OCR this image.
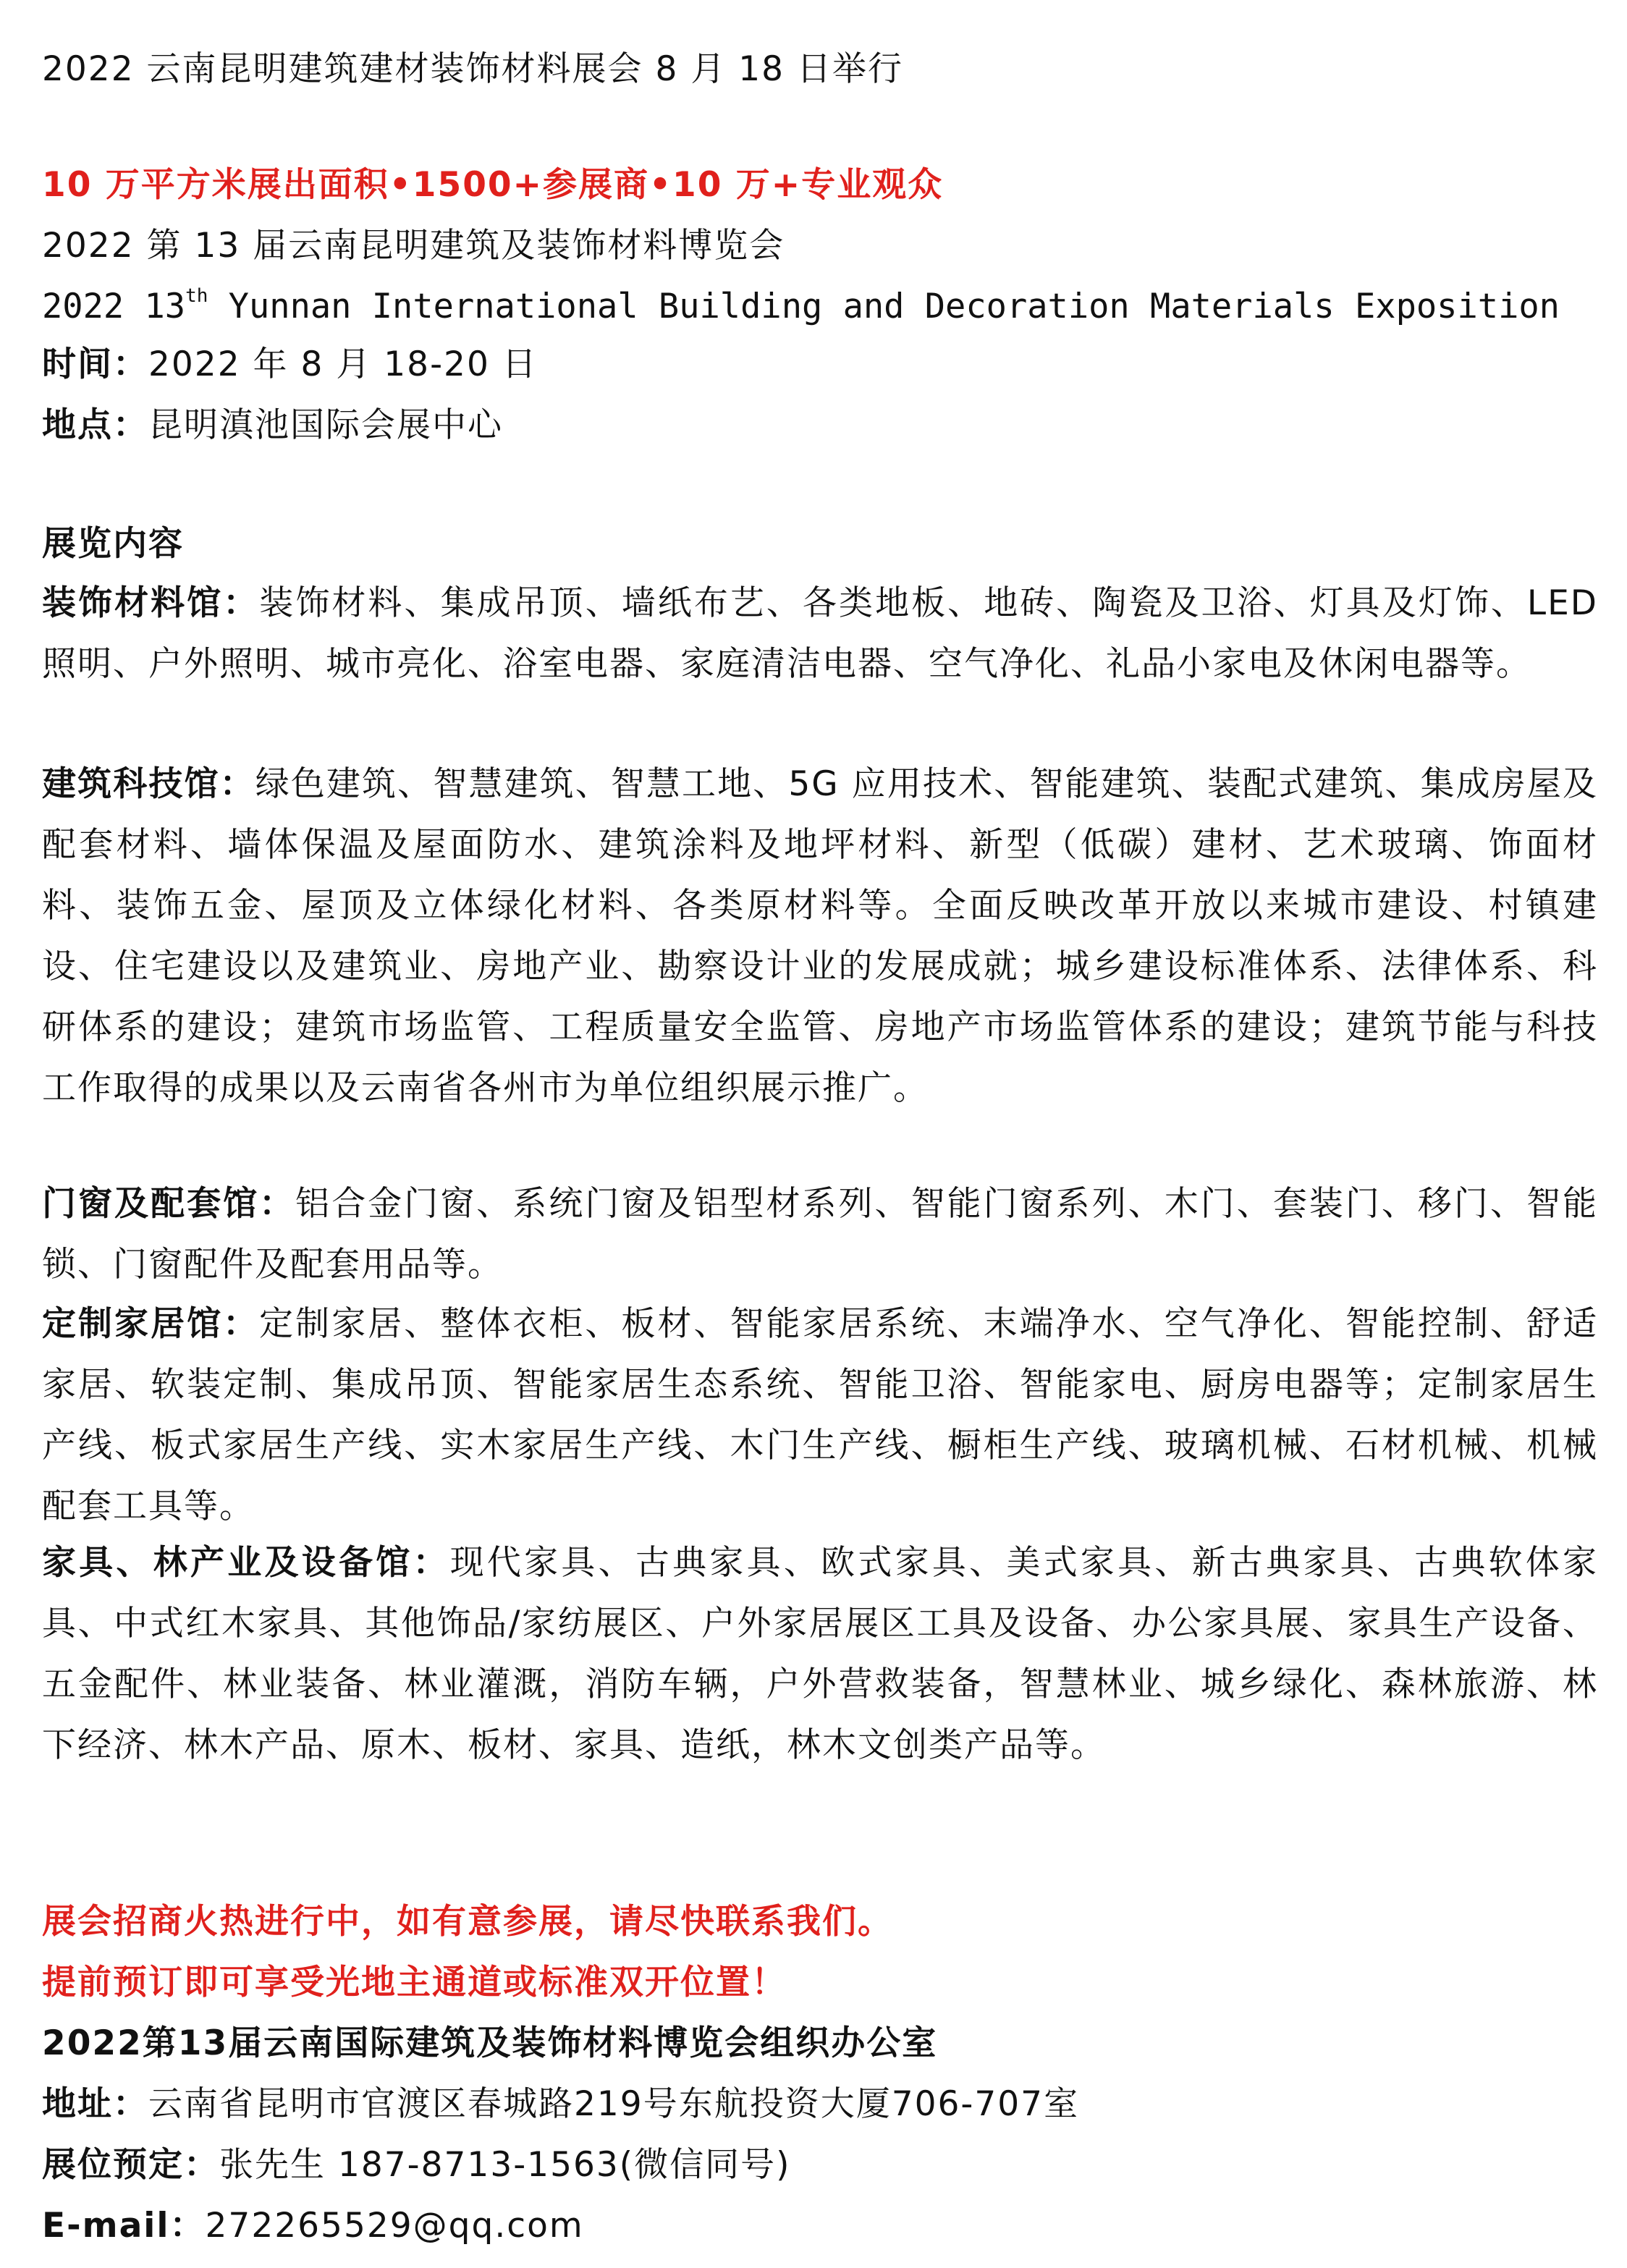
2022 云南昆明建筑建材装饰材料展会 8 月 18 日举行
10 万平方米展出面积•1500+参展商•10 万+专业观众
2022 第 13 届云南昆明建筑及装饰材料博览会
2022 13th Yunnan International Building and Decoration Materials Exposition
时间：2022 年 8 月 18-20 日
地点：昆明滇池国际会展中心
展览内容
装饰材料馆：装饰材料、集成吊顶、墙纸布艺、各类地板、地砖、陶瓷及卫浴、灯具及灯饰、LED 照明、户外照明、城市亮化、浴室电器、家庭清洁电器、空气净化、礼品小家电及休闲电器等。
建筑科技馆：绿色建筑、智慧建筑、智慧工地、5G 应用技术、智能建筑、装配式建筑、集成房屋及配套材料、墙体保温及屋面防水、建筑涂料及地坪材料、新型（低碳）建材、艺术玻璃、饰面材料、装饰五金、屋顶及立体绿化材料、各类原材料等。全面反映改革开放以来城市建设、村镇建设、住宅建设以及建筑业、房地产业、勘察设计业的发展成就；城乡建设标准体系、法律体系、科研体系的建设；建筑市场监管、工程质量安全监管、房地产市场监管体系的建设；建筑节能与科技工作取得的成果以及云南省各州市为单位组织展示推广。
门窗及配套馆：铝合金门窗、系统门窗及铝型材系列、智能门窗系列、木门、套装门、移门、智能锁、门窗配件及配套用品等。
定制家居馆：定制家居、整体衣柜、板材、智能家居系统、末端净水、空气净化、智能控制、舒适家居、软装定制、集成吊顶、智能家居生态系统、智能卫浴、智能家电、厨房电器等；定制家居生产线、板式家居生产线、实木家居生产线、木门生产线、橱柜生产线、玻璃机械、石材机械、机械配套工具等。
家具、林产业及设备馆：现代家具、古典家具、欧式家具、美式家具、新古典家具、古典软体家具、中式红木家具、其他饰品/家纺展区、户外家居展区工具及设备、办公家具展、家具生产设备、五金配件、林业装备、林业灌溉，消防车辆，户外营救装备，智慧林业、城乡绿化、森林旅游、林下经济、林木产品、原木、板材、家具、造纸，林木文创类产品等。
展会招商火热进行中，如有意参展，请尽快联系我们。
提前预订即可享受光地主通道或标准双开位置！
2022第13届云南国际建筑及装饰材料博览会组织办公室
地址：云南省昆明市官渡区春城路219号东航投资大厦706-707室
展位预定：张先生 187-8713-1563(微信同号)
E-mail：272265529@qq.com
